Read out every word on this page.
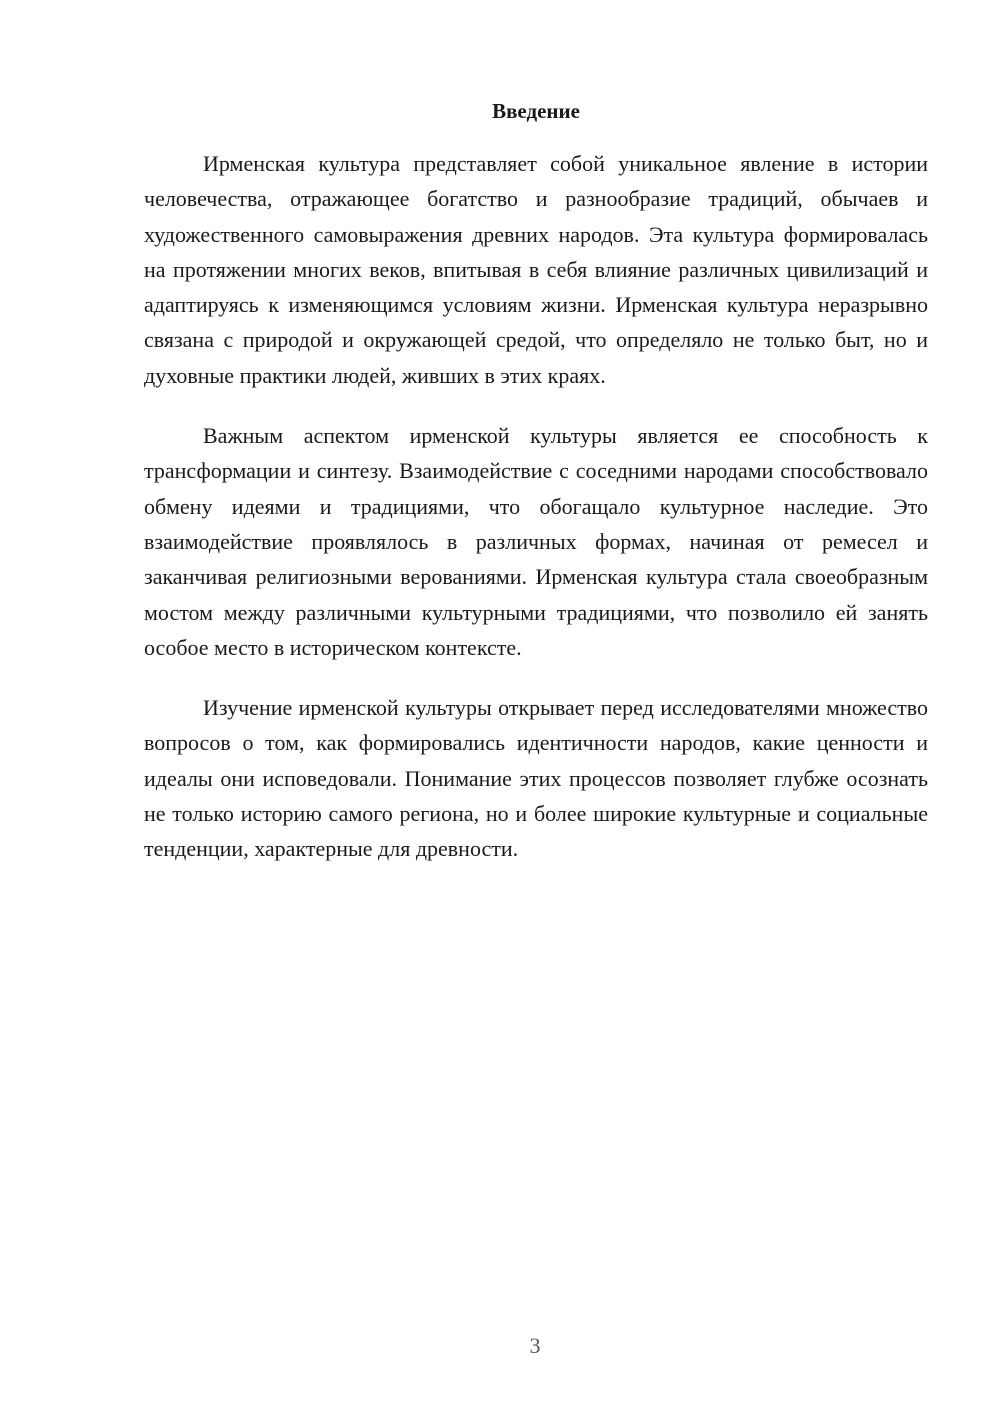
Введение

Ирменская культура представляет собой уникальное явление в истории человечества, отражающее богатство и разнообразие традиций, обычаев и художественного самовыражения древних народов. Эта культура формировалась на протяжении многих веков, впитывая в себя влияние различных цивилизаций и адаптируясь к изменяющимся условиям жизни. Ирменская культура неразрывно связана с природой и окружающей средой, что определяло не только быт, но и духовные практики людей, живших в этих краях.

Важным аспектом ирменской культуры является ее способность к трансформации и синтезу. Взаимодействие с соседними народами способствовало обмену идеями и традициями, что обогащало культурное наследие. Это взаимодействие проявлялось в различных формах, начиная от ремесел и заканчивая религиозными верованиями. Ирменская культура стала своеобразным мостом между различными культурными традициями, что позволило ей занять особое место в историческом контексте.

Изучение ирменской культуры открывает перед исследователями множество вопросов о том, как формировались идентичности народов, какие ценности и идеалы они исповедовали. Понимание этих процессов позволяет глубже осознать не только историю самого региона, но и более широкие культурные и социальные тенденции, характерные для древности.

3
